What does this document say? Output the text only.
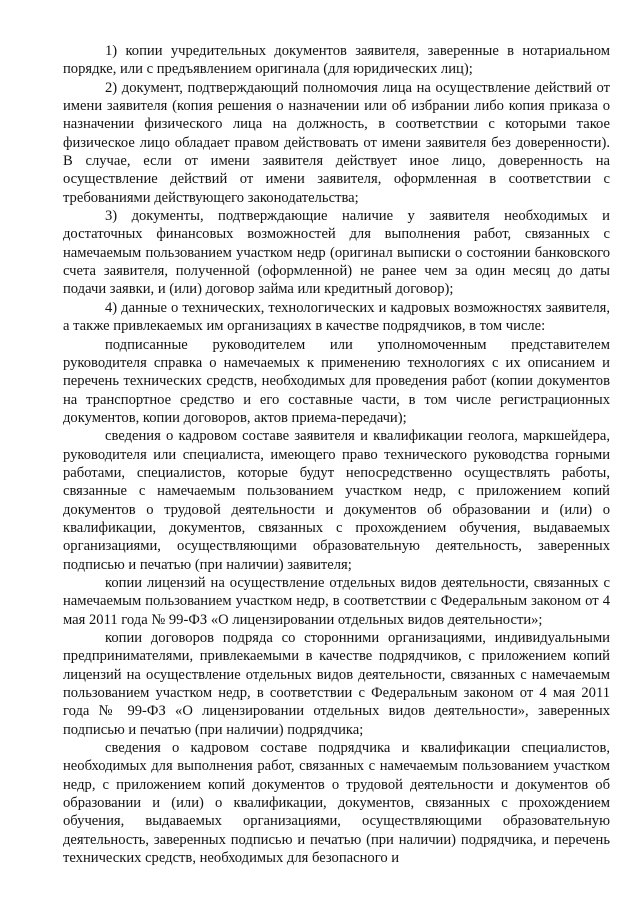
1) копии учредительных документов заявителя, заверенные в нотариальном порядке, или с предъявлением оригинала (для юридических лиц);

2) документ, подтверждающий полномочия лица на осуществление действий от имени заявителя (копия решения о назначении или об избрании либо копия приказа о назначении физического лица на должность, в соответствии с которыми такое физическое лицо обладает правом действовать от имени заявителя без доверенности). В случае, если от имени заявителя действует иное лицо, доверенность на осуществление действий от имени заявителя, оформленная в соответствии с требованиями действующего законодательства;

3) документы, подтверждающие наличие у заявителя необходимых и достаточных финансовых возможностей для выполнения работ, связанных с намечаемым пользованием участком недр (оригинал выписки о состоянии банковского счета заявителя, полученной (оформленной) не ранее чем за один месяц до даты подачи заявки, и (или) договор займа или кредитный договор);

4) данные о технических, технологических и кадровых возможностях заявителя, а также привлекаемых им организациях в качестве подрядчиков, в том числе:

подписанные руководителем или уполномоченным представителем руководителя справка о намечаемых к применению технологиях с их описанием и перечень технических средств, необходимых для проведения работ (копии документов на транспортное средство и его составные части, в том числе регистрационных документов, копии договоров, актов приема-передачи);

сведения о кадровом составе заявителя и квалификации геолога, маркшейдера, руководителя или специалиста, имеющего право технического руководства горными работами, специалистов, которые будут непосредственно осуществлять работы, связанные с намечаемым пользованием участком недр, с приложением копий документов о трудовой деятельности и документов об образовании и (или) о квалификации, документов, связанных с прохождением обучения, выдаваемых организациями, осуществляющими образовательную деятельность, заверенных подписью и печатью (при наличии) заявителя;

копии лицензий на осуществление отдельных видов деятельности, связанных с намечаемым пользованием участком недр, в соответствии с Федеральным законом от 4 мая 2011 года № 99-ФЗ «О лицензировании отдельных видов деятельности»;

копии договоров подряда со сторонними организациями, индивидуальными предпринимателями, привлекаемыми в качестве подрядчиков, с приложением копий лицензий на осуществление отдельных видов деятельности, связанных с намечаемым пользованием участком недр, в соответствии с Федеральным законом от 4 мая 2011 года № 99-ФЗ «О лицензировании отдельных видов деятельности», заверенных подписью и печатью (при наличии) подрядчика;

сведения о кадровом составе подрядчика и квалификации специалистов, необходимых для выполнения работ, связанных с намечаемым пользованием участком недр, с приложением копий документов о трудовой деятельности и документов об образовании и (или) о квалификации, документов, связанных с прохождением обучения, выдаваемых организациями, осуществляющими образовательную деятельность, заверенных подписью и печатью (при наличии) подрядчика, и перечень технических средств, необходимых для безопасного и
